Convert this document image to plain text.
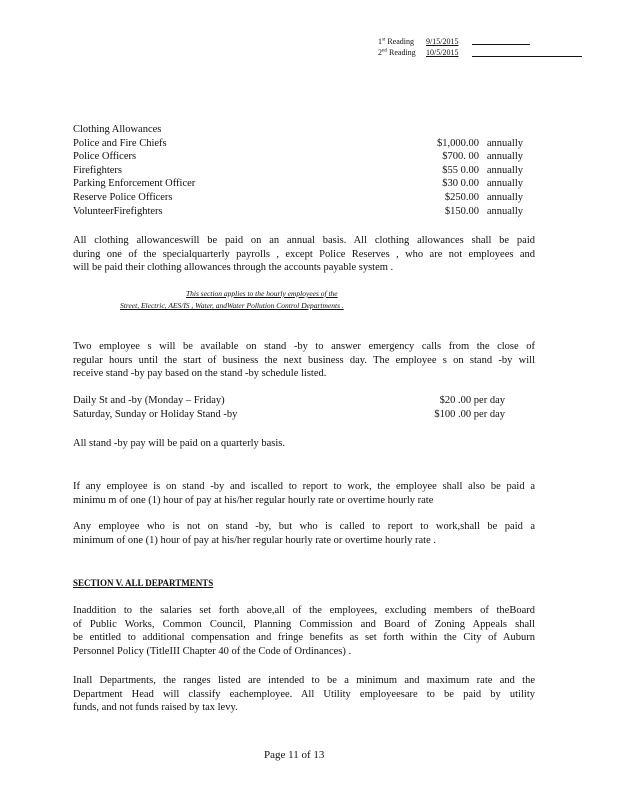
1st Reading	9/15/2015
2nd Reading	10/5/2015
Clothing Allowances
Police and Fire Chiefs	$1,000.00 annually
Police Officers	$700. 00 annually
Firefighters	$55 0.00 annually
Parking Enforcement Officer	$30 0.00 annually
Reserve Police Officers	$250.00 annually
VolunteerFirefighters	$150.00 annually
All clothing allowanceswill be paid on an annual basis. All clothing allowances shall be paid
during one of the specialquarterly payrolls , except Police Reserves , who are not employees and
will be paid their clothing allowances through the accounts payable system .
This section applies to the hourly employees of the
Street, Electric, AES/IS , Water, andWater Pollution Control Departments .
Two employee s will be available on stand -by to answer emergency calls from the close of
regular hours until the start of business the next business day. The employee s on stand -by will
receive stand -by pay based on the stand -by schedule listed.
Daily St and -by (Monday – Friday)	$20 .00 per day
Saturday, Sunday or Holiday Stand -by	$100 .00 per day
All stand -by pay will be paid on a quarterly basis.
If any employee is on stand -by and iscalled to report to work, the employee shall also be paid a
minimu m of one (1) hour of pay at his/her regular hourly rate or overtime hourly rate
Any employee who is not on stand -by, but who is called to report to work,shall be paid a
minimum of one (1) hour of pay at his/her regular hourly rate or overtime hourly rate .
SECTION V. ALL DEPARTMENTS
Inaddition to the salaries set forth above,all of the employees, excluding members of theBoard
of Public Works, Common Council, Planning Commission and Board of Zoning Appeals shall
be entitled to additional compensation and fringe benefits as set forth within the City of Auburn
Personnel Policy (TitleIII Chapter 40 of the Code of Ordinances) .
Inall Departments, the ranges listed are intended to be a minimum and maximum rate and the
Department Head will classify eachemployee. All Utility employeesare to be paid by utility
funds, and not funds raised by tax levy.
Page 11 of 13
